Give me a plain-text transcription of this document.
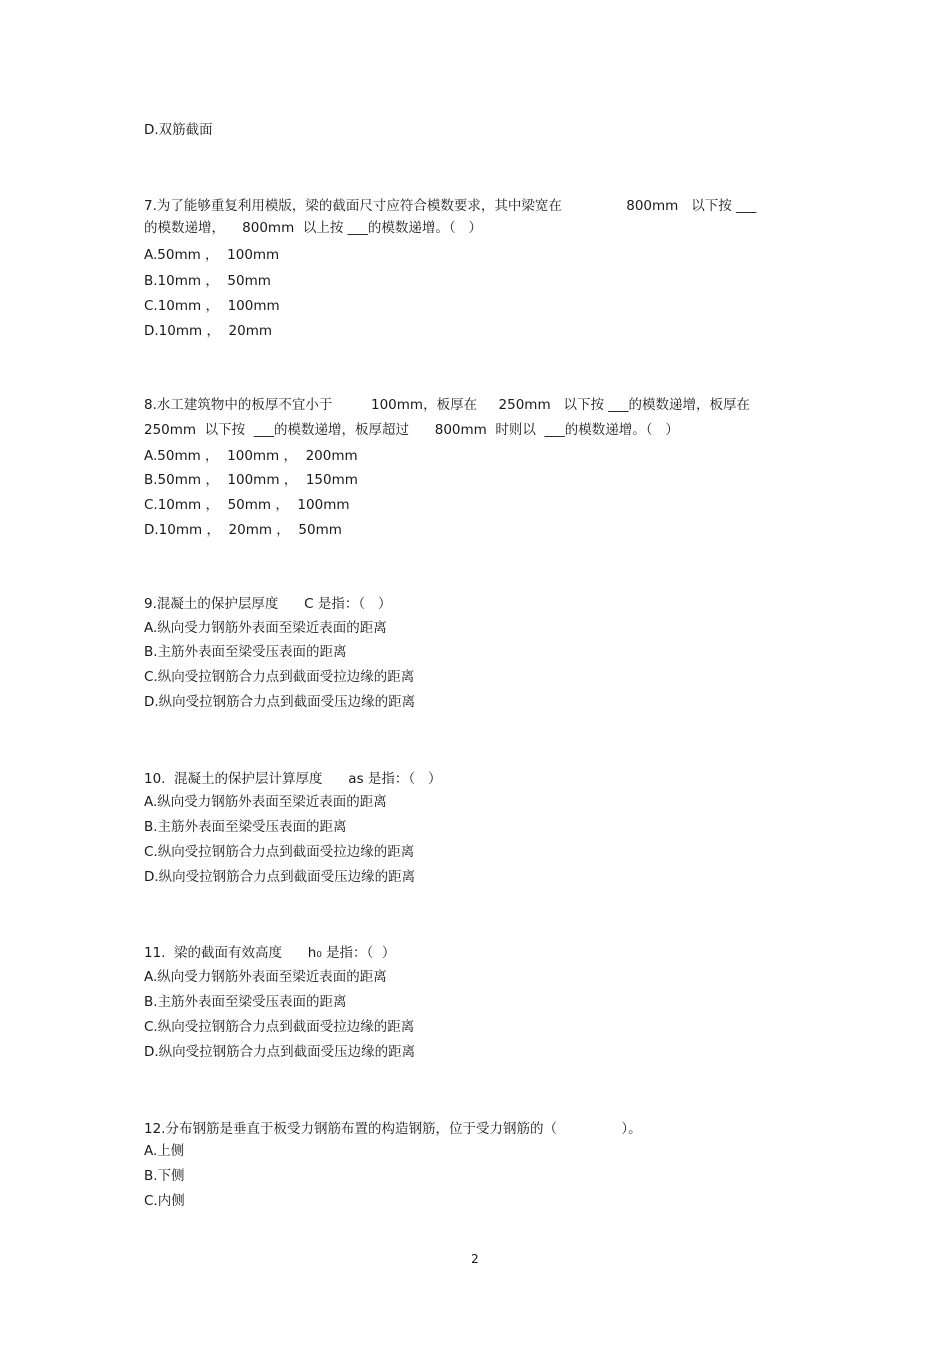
D.双筋截面
7.为了能够重复利用模版，梁的截面尺寸应符合模数要求，其中梁宽在               800mm   以下按 ___
的模数递增，    800mm  以上按 ___的模数递增。（   ）
A.50mm ，  100mm
B.10mm ，  50mm
C.10mm ，  100mm
D.10mm ，  20mm
8.水工建筑物中的板厚不宜小于         100mm，板厚在     250mm   以下按 ___的模数递增，板厚在
250mm  以下按  ___的模数递增，板厚超过      800mm  时则以  ___的模数递增。（   ）
A.50mm ，  100mm ，  200mm
B.50mm ，  100mm ，  150mm
C.10mm ，  50mm ，  100mm
D.10mm ，  20mm ，  50mm
9.混凝土的保护层厚度      C 是指：（   ）
A.纵向受力钢筋外表面至梁近表面的距离
B.主筋外表面至梁受压表面的距离
C.纵向受拉钢筋合力点到截面受拉边缘的距离
D.纵向受拉钢筋合力点到截面受压边缘的距离
10.  混凝土的保护层计算厚度      as 是指：（   ）
A.纵向受力钢筋外表面至梁近表面的距离
B.主筋外表面至梁受压表面的距离
C.纵向受拉钢筋合力点到截面受拉边缘的距离
D.纵向受拉钢筋合力点到截面受压边缘的距离
11.  梁的截面有效高度      h₀ 是指：（  ）
A.纵向受力钢筋外表面至梁近表面的距离
B.主筋外表面至梁受压表面的距离
C.纵向受拉钢筋合力点到截面受拉边缘的距离
D.纵向受拉钢筋合力点到截面受压边缘的距离
12.分布钢筋是垂直于板受力钢筋布置的构造钢筋，位于受力钢筋的（               ）。
A.上侧
B.下侧
C.内侧
2
